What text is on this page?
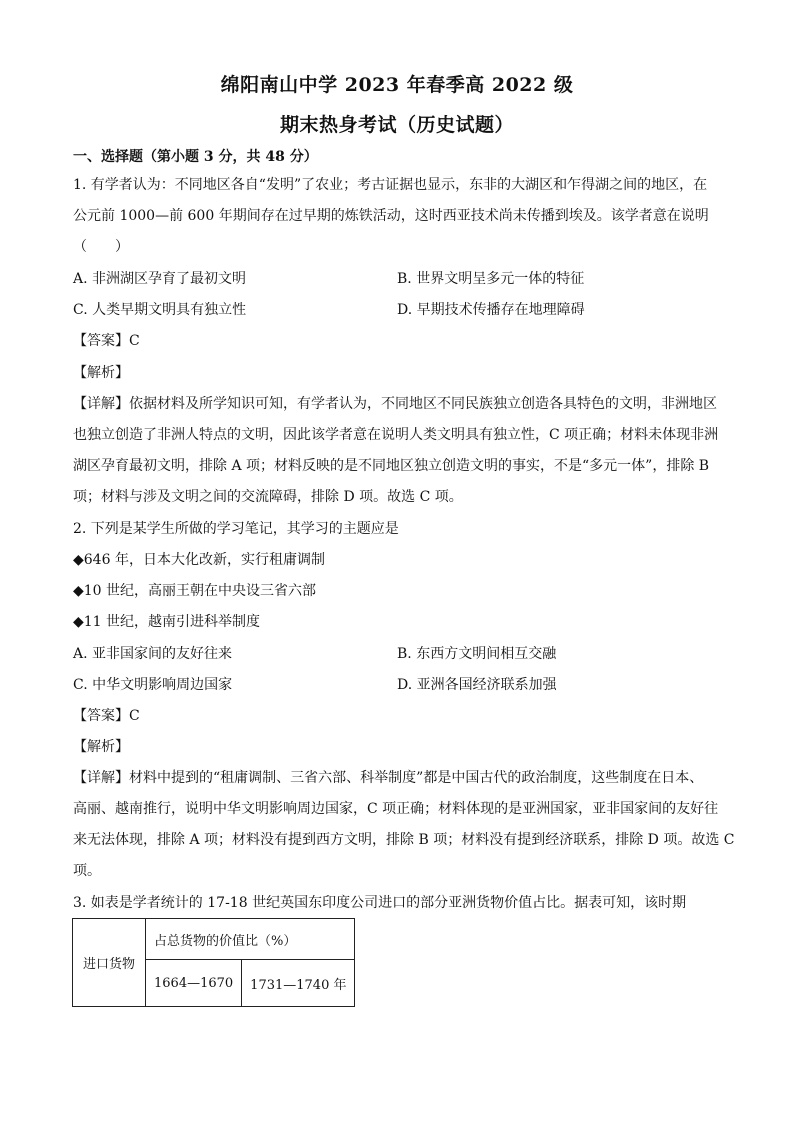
绵阳南山中学 2023 年春季高 2022 级
期末热身考试（历史试题）
一、选择题（第小题 3 分，共 48 分）
1. 有学者认为：不同地区各自“发明”了农业；考古证据也显示，东非的大湖区和乍得湖之间的地区，在
公元前 1000—前 600 年期间存在过早期的炼铁活动，这时西亚技术尚未传播到埃及。该学者意在说明
（　　）
A. 非洲湖区孕育了最初文明	B. 世界文明呈多元一体的特征
C. 人类早期文明具有独立性	D. 早期技术传播存在地理障碍
【答案】C
【解析】
【详解】依据材料及所学知识可知，有学者认为，不同地区不同民族独立创造各具特色的文明，非洲地区
也独立创造了非洲人特点的文明，因此该学者意在说明人类文明具有独立性，C 项正确；材料未体现非洲
湖区孕育最初文明，排除 A 项；材料反映的是不同地区独立创造文明的事实，不是“多元一体”，排除 B
项；材料与涉及文明之间的交流障碍，排除 D 项。故选 C 项。
2. 下列是某学生所做的学习笔记，其学习的主题应是
◆646 年，日本大化改新，实行租庸调制
◆10 世纪，高丽王朝在中央设三省六部
◆11 世纪，越南引进科举制度
A. 亚非国家间的友好往来	B. 东西方文明间相互交融
C. 中华文明影响周边国家	D. 亚洲各国经济联系加强
【答案】C
【解析】
【详解】材料中提到的“租庸调制、三省六部、科举制度”都是中国古代的政治制度，这些制度在日本、
高丽、越南推行，说明中华文明影响周边国家，C 项正确；材料体现的是亚洲国家，亚非国家间的友好往
来无法体现，排除 A 项；材料没有提到西方文明，排除 B 项；材料没有提到经济联系，排除 D 项。故选 C
项。
3. 如表是学者统计的 17-18 世纪英国东印度公司进口的部分亚洲货物价值占比。据表可知，该时期
进口货物	占总货物的价值比（%）	
	1664—1670	1731—1740 年
